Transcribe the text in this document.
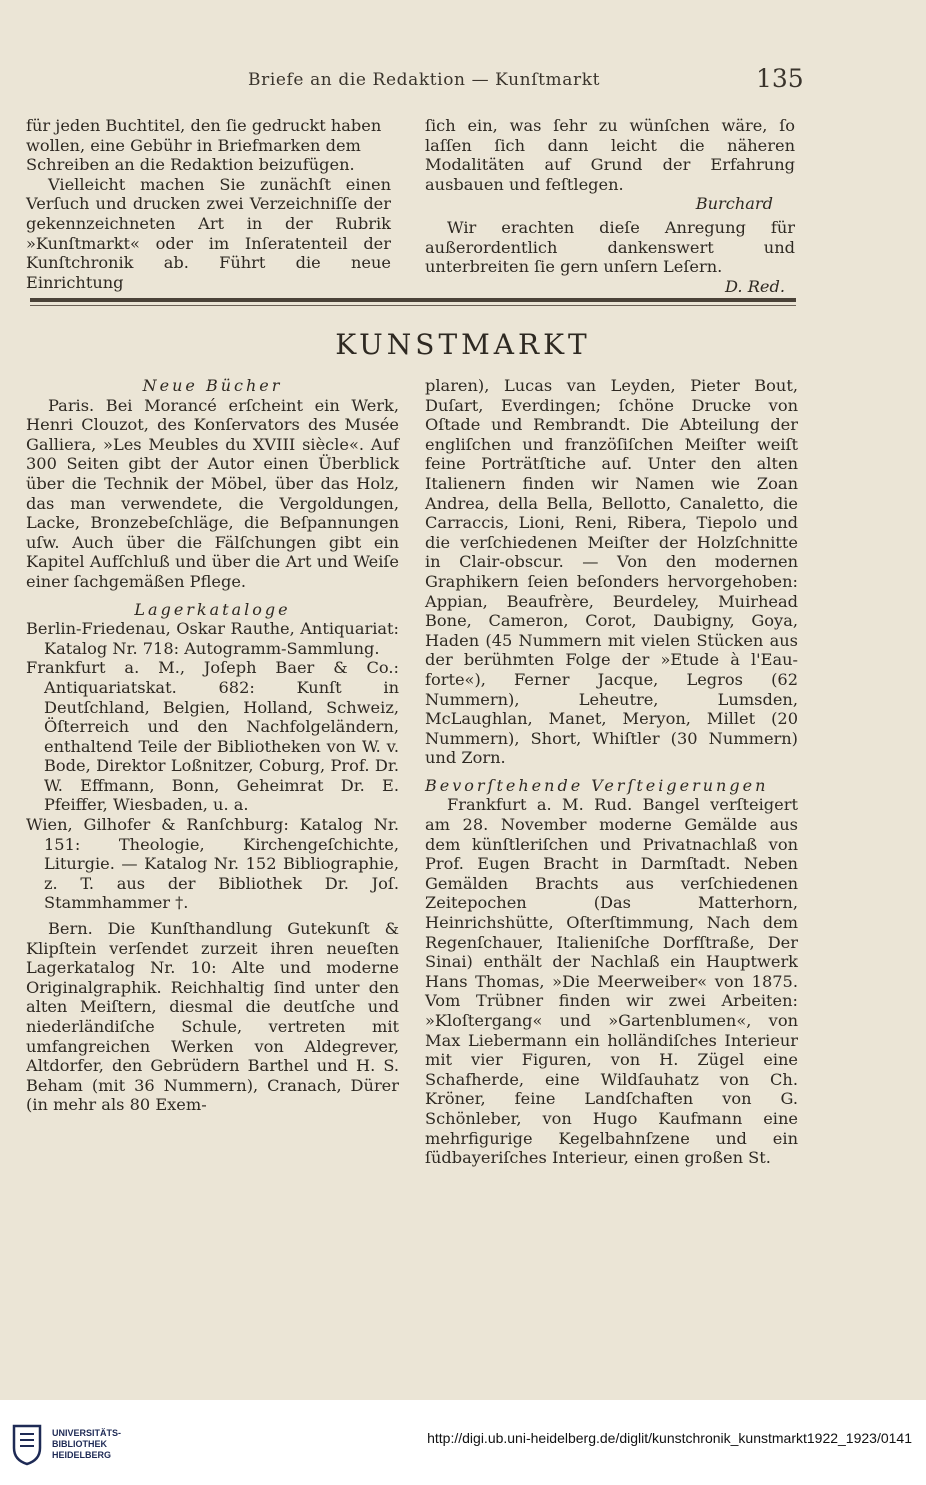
Briefe an die Redaktion — Kunſtmarkt	135

für jeden Buchtitel, den ſie gedruckt haben

wollen, eine Gebühr in Briefmarken dem

Schreiben an die Redaktion beizufügen.

Vielleicht machen Sie zunächſt einen Verſuch und drucken zwei Verzeichniſſe der gekennzeichneten Art in der Rubrik »Kunſtmarkt« oder im Inſeratenteil der Kunſtchronik ab. Führt die neue Einrichtung

ſich ein, was ſehr zu wünſchen wäre, ſo laſſen ſich dann leicht die näheren Modalitäten auf Grund der Erfahrung ausbauen und feſtlegen.

Burchard

Wir erachten dieſe Anregung für außerordentlich dankenswert und unterbreiten ſie gern unſern Leſern.
D. Red.

KUNSTMARKT

Neue Bücher

Paris. Bei Morancé erſcheint ein Werk, Henri Clouzot, des Konſervators des Musée Galliera, »Les Meubles du XVIII siècle«. Auf 300 Seiten gibt der Autor einen Überblick über die Technik der Möbel, über das Holz, das man verwendete, die Vergoldungen, Lacke, Bronzebeſchläge, die Beſpannungen uſw. Auch über die Fälſchungen gibt ein Kapitel Aufſchluß und über die Art und Weiſe einer ſachgemäßen Pflege.

Lagerkataloge

Berlin-Friedenau, Oskar Rauthe, Antiquariat: Katalog Nr. 718: Autogramm-Sammlung.

Frankfurt a. M., Joſeph Baer & Co.: Antiquariatskat. 682: Kunſt in Deutſchland, Belgien, Holland, Schweiz, Öſterreich und den Nachfolgeländern, enthaltend Teile der Bibliotheken von W. v. Bode, Direktor Loßnitzer, Coburg, Prof. Dr. W. Effmann, Bonn, Geheimrat Dr. E. Pfeiffer, Wiesbaden, u. a.

Wien, Gilhofer & Ranſchburg: Katalog Nr. 151: Theologie, Kirchengeſchichte, Liturgie. — Katalog Nr. 152 Bibliographie, z. T. aus der Bibliothek Dr. Joſ. Stammhammer †.

Bern. Die Kunſthandlung Gutekunſt & Klipſtein verſendet zurzeit ihren neueſten Lagerkatalog Nr. 10: Alte und moderne Originalgraphik. Reichhaltig ſind unter den alten Meiſtern, diesmal die deutſche und niederländiſche Schule, vertreten mit umfangreichen Werken von Aldegrever, Altdorfer, den Gebrüdern Barthel und H. S. Beham (mit 36 Nummern), Cranach, Dürer (in mehr als 80 Exem-

plaren), Lucas van Leyden, Pieter Bout, Duſart, Everdingen; ſchöne Drucke von Oſtade und Rembrandt. Die Abteilung der engliſchen und franzöſiſchen Meiſter weiſt feine Porträtſtiche auf. Unter den alten Italienern finden wir Namen wie Zoan Andrea, della Bella, Bellotto, Canaletto, die Carraccis, Lioni, Reni, Ribera, Tiepolo und die verſchiedenen Meiſter der Holzſchnitte in Clair-obscur. — Von den modernen Graphikern ſeien beſonders hervorgehoben: Appian, Beaufrère, Beurdeley, Muirhead Bone, Cameron, Corot, Daubigny, Goya, Haden (45 Nummern mit vielen Stücken aus der berühmten Folge der »Etude à l'Eau-forte«), Ferner Jacque, Legros (62 Nummern), Leheutre, Lumsden, McLaughlan, Manet, Meryon, Millet (20 Nummern), Short, Whiſtler (30 Nummern) und Zorn.

Bevorſtehende Verſteigerungen

Frankfurt a. M. Rud. Bangel verſteigert am 28. November moderne Gemälde aus dem künſtleriſchen und Privatnachlaß von Prof. Eugen Bracht in Darmſtadt. Neben Gemälden Brachts aus verſchiedenen Zeitepochen (Das Matterhorn, Heinrichshütte, Oſterſtimmung, Nach dem Regenſchauer, Italieniſche Dorfſtraße, Der Sinai) enthält der Nachlaß ein Hauptwerk Hans Thomas, »Die Meerweiber« von 1875. Vom Trübner finden wir zwei Arbeiten: »Kloſtergang« und »Gartenblumen«, von Max Liebermann ein holländiſches Interieur mit vier Figuren, von H. Zügel eine Schafherde, eine Wildſauhatz von Ch. Kröner, feine Landſchaften von G. Schönleber, von Hugo Kaufmann eine mehrfigurige Kegelbahnſzene und ein ſüdbayeriſches Interieur, einen großen St.

UNIVERSITÄTS-
BIBLIOTHEK
HEIDELBERG
http://digi.ub.uni-heidelberg.de/diglit/kunstchronik_kunstmarkt1922_1923/0141
